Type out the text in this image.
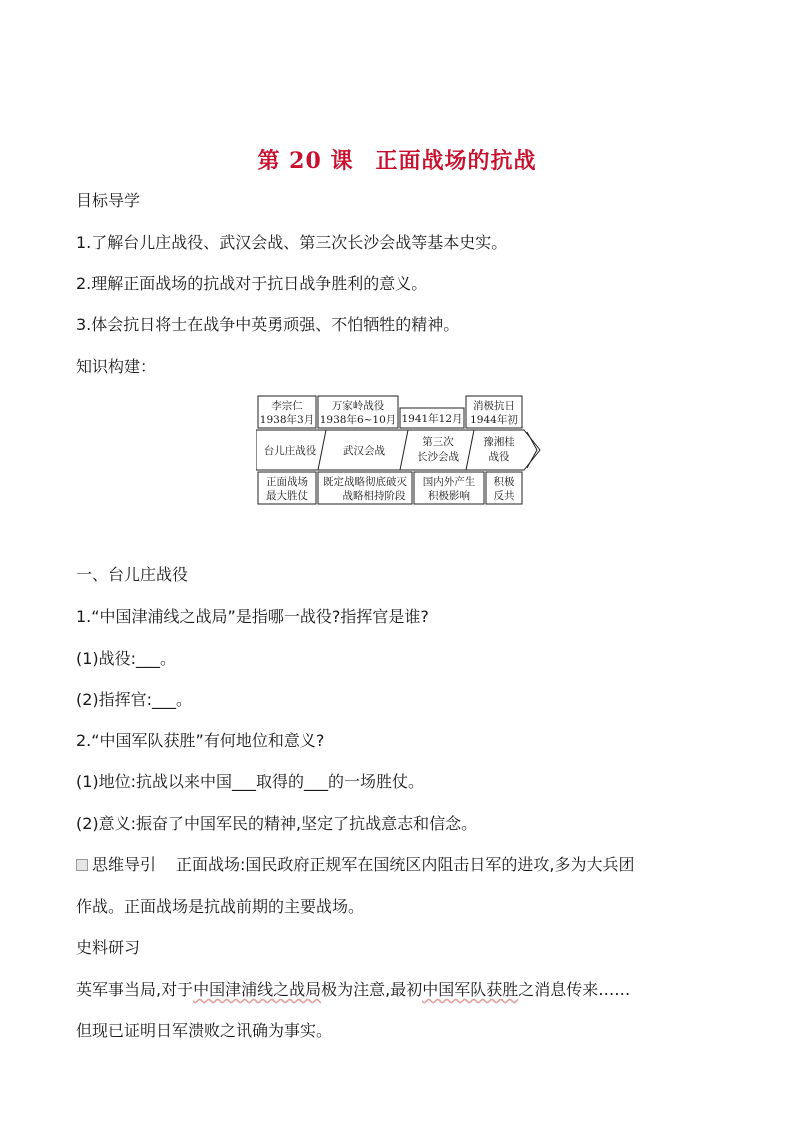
第 20 课 正面战场的抗战
目标导学
1.了解台儿庄战役、武汉会战、第三次长沙会战等基本史实。
2.理解正面战场的抗战对于抗日战争胜利的意义。
3.体会抗日将士在战争中英勇顽强、不怕牺牲的精神。
知识构建：
李宗仁
1938年3月
万家岭战役
1938年6~10月 1941年12月
消极抗日
1944年初
台儿庄战役	武汉会战
第三次
长沙会战
豫湘桂
战役
正面战场
最大胜仗
既定战略彻底破灭
战略相持阶段
国内外产生
积极影响
积极
反共
一、台儿庄战役
1.“中国津浦线之战局”是指哪一战役?指挥官是谁?
(1)战役:___。
(2)指挥官:___。
2.“中国军队获胜”有何地位和意义?
(1)地位:抗战以来中国___取得的___的一场胜仗。
(2)意义:振奋了中国军民的精神,坚定了抗战意志和信念。
思维导引 正面战场:国民政府正规军在国统区内阻击日军的进攻,多为大兵团
作战。正面战场是抗战前期的主要战场。
史料研习
英军事当局,对于中国津浦线之战局极为注意,最初中国军队获胜之消息传来……
但现已证明日军溃败之讯确为事实。
